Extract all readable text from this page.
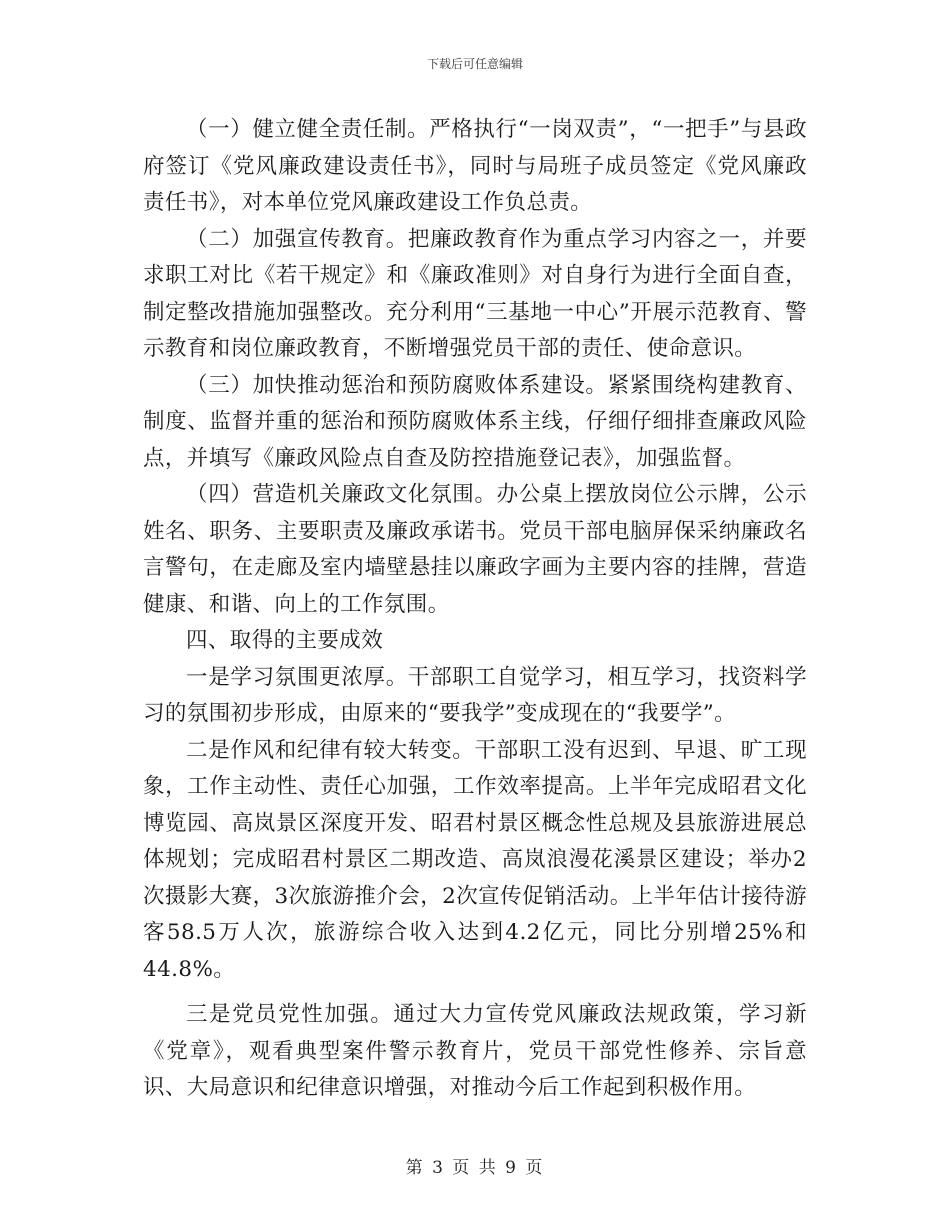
下载后可任意编辑

（一）健立健全责任制。严格执行“一岗双责”，“一把手”与县政府签订《党风廉政建设责任书》，同时与局班子成员签定《党风廉政责任书》，对本单位党风廉政建设工作负总责。

（二）加强宣传教育。把廉政教育作为重点学习内容之一，并要求职工对比《若干规定》和《廉政准则》对自身行为进行全面自查，制定整改措施加强整改。充分利用“三基地一中心”开展示范教育、警示教育和岗位廉政教育，不断增强党员干部的责任、使命意识。

（三）加快推动惩治和预防腐败体系建设。紧紧围绕构建教育、制度、监督并重的惩治和预防腐败体系主线，仔细仔细排查廉政风险点，并填写《廉政风险点自查及防控措施登记表》，加强监督。

（四）营造机关廉政文化氛围。办公桌上摆放岗位公示牌，公示姓名、职务、主要职责及廉政承诺书。党员干部电脑屏保采纳廉政名言警句，在走廊及室内墙壁悬挂以廉政字画为主要内容的挂牌，营造健康、和谐、向上的工作氛围。

四、取得的主要成效

一是学习氛围更浓厚。干部职工自觉学习，相互学习，找资料学习的氛围初步形成，由原来的“要我学”变成现在的“我要学”。

二是作风和纪律有较大转变。干部职工没有迟到、早退、旷工现象，工作主动性、责任心加强，工作效率提高。上半年完成昭君文化博览园、高岚景区深度开发、昭君村景区概念性总规及县旅游进展总体规划；完成昭君村景区二期改造、高岚浪漫花溪景区建设；举办2次摄影大赛，3次旅游推介会，2次宣传促销活动。上半年估计接待游客58.5万人次，旅游综合收入达到4.2亿元，同比分别增25%和44.8%。

三是党员党性加强。通过大力宣传党风廉政法规政策，学习新《党章》，观看典型案件警示教育片，党员干部党性修养、宗旨意识、大局意识和纪律意识增强，对推动今后工作起到积极作用。

第 3 页 共 9 页
